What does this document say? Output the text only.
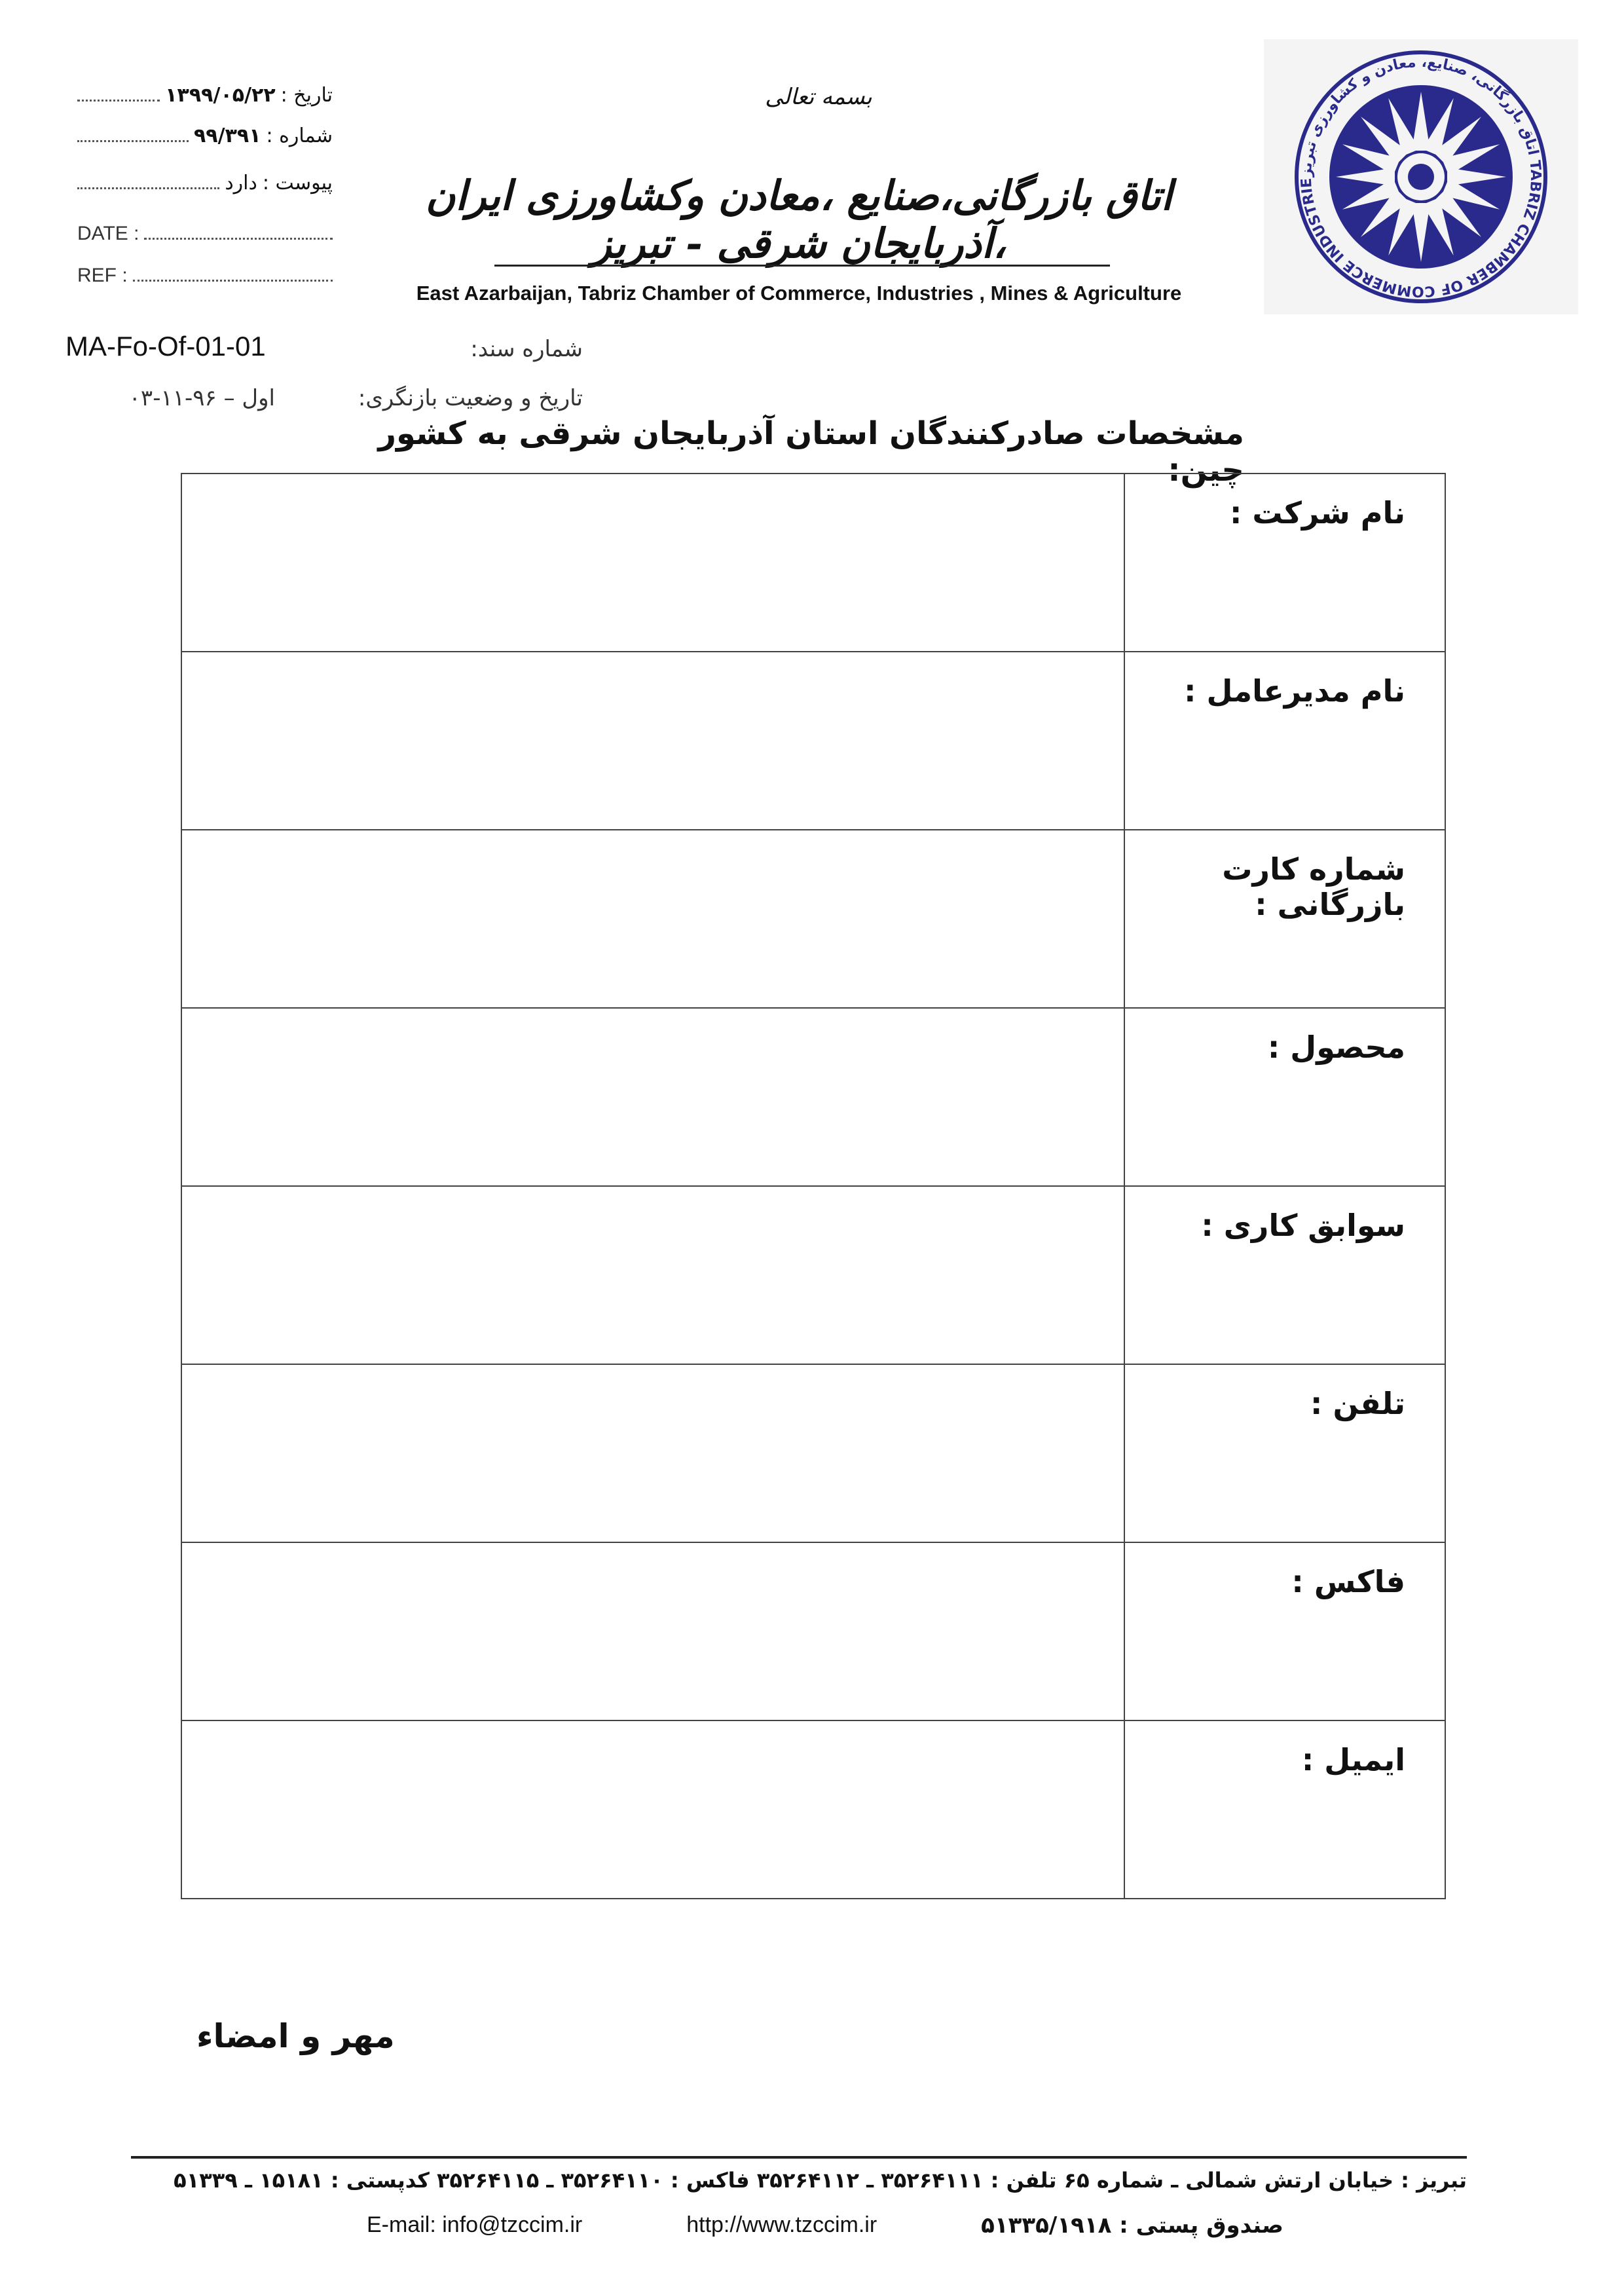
۱۳۹۹/۰۵/۲۲ تاریخ :
۹۹/۳۹۱ شماره :
دارد پیوست :
DATE :
REF :
بسمه تعالی
اتاق بازرگانی،صنایع ،معادن وکشاورزی ایران ،آذربایجان شرقی - تبریز
East Azarbaijan, Tabriz Chamber of Commerce, Industries , Mines & Agriculture
اتاق بازرگانی، صنایع، معادن و کشاورزی تبریز TABRIZ CHAMBER OF COMMERCE INDUSTRIE
MA-Fo-Of-01-01	شماره سند:
تاریخ و وضعیت بازنگری:
اول – ۹۶-۱۱-۰۳
مشخصات صادرکنندگان استان آذربایجان شرقی به کشور چین:

	نام شرکت :

	نام مدیرعامل :

	شماره کارت بازرگانی :

	محصول :

	سوابق کاری :

	تلفن :

	فاکس :

	ایمیل :
مهر و امضاء
تبریز : خیابان ارتش شمالی ـ شماره ۶۵ تلفن : ۳۵۲۶۴۱۱۱ ـ ۳۵۲۶۴۱۱۲ فاکس : ۳۵۲۶۴۱۱۰ ـ ۳۵۲۶۴۱۱۵ کدپستی : ۱۵۱۸۱ ـ ۵۱۳۳۹
E-mail: info@tzccim.ir	http://www.tzccim.ir	صندوق پستی : ۵۱۳۳۵/۱۹۱۸
